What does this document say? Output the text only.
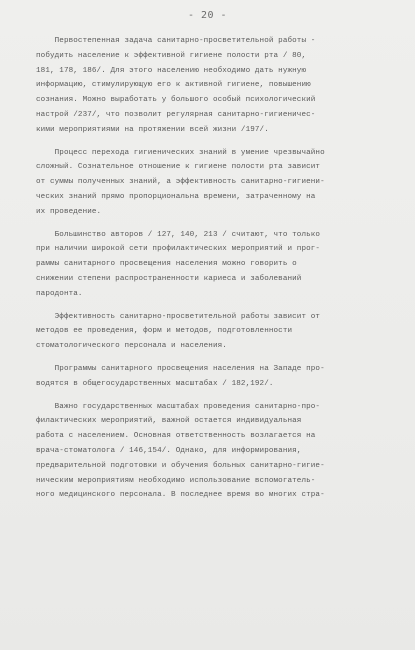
- 20 -
Первостепенная задача санитарно-просветительной работы -
побудить население к эффективной гигиене полости рта / 80,
181, 178, 186/. Для этого населению необходимо дать нужную
информацию, стимулирующую его к активной гигиене, повышению
сознания. Можно выработать у большого особый психологический
настрой /237/, что позволит регулярная санитарно-гигиеничес-
кими мероприятиями на протяжении всей жизни /197/.
Процесс перехода гигиенических знаний в умение чрезвычайно
сложный. Сознательное отношение к гигиене полости рта зависит
от суммы полученных знаний, а эффективность санитарно-гигиени-
ческих знаний прямо пропорциональна времени, затраченному на
их проведение.
Большинство авторов / 127, 140, 213 / считают, что только
при наличии широкой сети профилактических мероприятий и прог-
раммы санитарного просвещения населения можно говорить о
снижении степени распространенности кариеса и заболеваний
пародонта.
Эффективность санитарно-просветительной работы зависит от
методов ее проведения, форм и методов, подготовленности
стоматологического персонала и населения.
Программы санитарного просвещения населения на Западе про-
водятся в общегосударственных масштабах / 182,192/.
Важно государственных масштабах проведения санитарно-про-
филактических мероприятий, важной остается индивидуальная
работа с населением. Основная ответственность возлагается на
врача-стоматолога / 146,154/. Однако, для информирования,
предварительной подготовки и обучения больных санитарно-гигие-
ническим мероприятиям необходимо использование вспомогатель-
ного медицинского персонала. В последнее время во многих стра-
